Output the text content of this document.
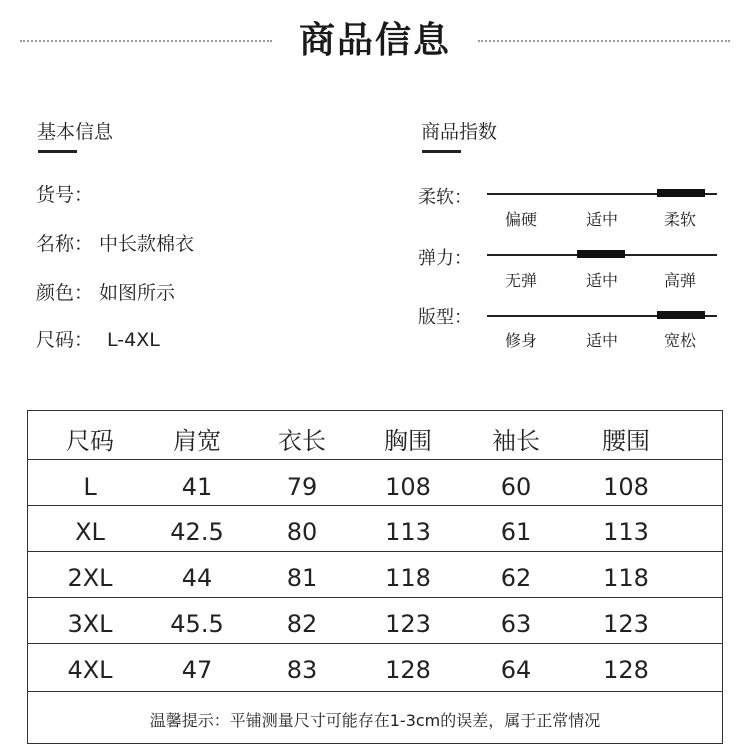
商品信息
基本信息
货号：
名称： 中长款棉衣
颜色： 如图所示
尺码： L-4XL
商品指数
柔软：
偏硬	适中	柔软
弹力：
无弹	适中	高弹
版型：
修身	适中	宽松
尺码	肩宽	衣长	胸围	袖长	腰围
L	41	79	108	60	108
XL	42.5	80	113	61	113
2XL	44	81	118	62	118
3XL	45.5	82	123	63	123
4XL	47	83	128	64	128
温馨提示：平铺测量尺寸可能存在1-3cm的误差，属于正常情况
